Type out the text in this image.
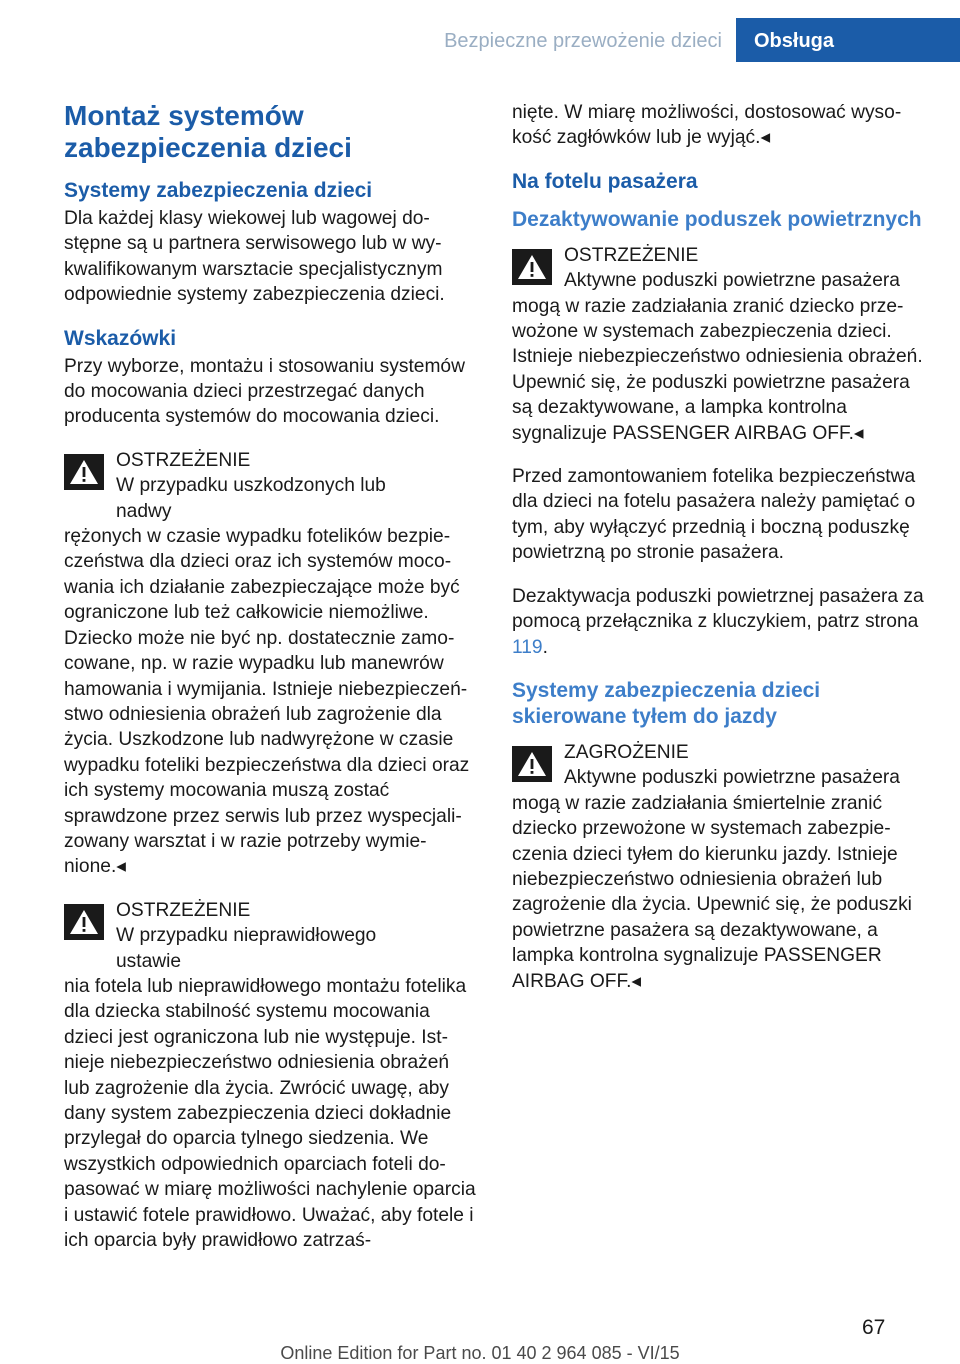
Bezpieczne przewożenie dzieci	Obsługa
Montaż systemów zabezpieczenia dzieci
Systemy zabezpieczenia dzieci

Dla każdej klasy wiekowej lub wagowej dostępne są u partnera serwisowego lub w wykwalifikowanym warsztacie specjalistycznym odpowiednie systemy zabezpieczenia dzieci.

Wskazówki

Przy wyborze, montażu i stosowaniu systemów do mocowania dzieci przestrzegać danych producenta systemów do mocowania dzieci.

OSTRZEŻENIE
W przypadku uszkodzonych lub nadwy
rężonych w czasie wypadku fotelików bezpieczeństwa dla dzieci oraz ich systemów mocowania ich działanie zabezpieczające może być ograniczone lub też całkowicie niemożliwe. Dziecko może nie być np. dostatecznie zamocowane, np. w razie wypadku lub manewrów hamowania i wymijania. Istnieje niebezpieczeństwo odniesienia obrażeń lub zagrożenie dla życia. Uszkodzone lub nadwyrężone w czasie wypadku foteliki bezpieczeństwa dla dzieci oraz ich systemy mocowania muszą zostać sprawdzone przez serwis lub przez wyspecjalizowany warsztat i w razie potrzeby wymienione.◂
OSTRZEŻENIE
W przypadku nieprawidłowego ustawie
nia fotela lub nieprawidłowego montażu fotelika dla dziecka stabilność systemu mocowania dzieci jest ograniczona lub nie występuje. Istnieje niebezpieczeństwo odniesienia obrażeń lub zagrożenie dla życia. Zwrócić uwagę, aby dany system zabezpieczenia dzieci dokładnie przylegał do oparcia tylnego siedzenia. We wszystkich odpowiednich oparciach foteli dopasować w miarę możliwości nachylenie oparcia i ustawić fotele prawidłowo. Uważać, aby fotele i ich oparcia były prawidłowo zatrzaś-

nięte. W miarę możliwości, dostosować wysokość zagłówków lub je wyjąć.◂

Na fotelu pasażera
Dezaktywowanie poduszek powietrznych
OSTRZEŻENIE
Aktywne poduszki powietrzne pasażera
mogą w razie zadziałania zranić dziecko przewożone w systemach zabezpieczenia dzieci. Istnieje niebezpieczeństwo odniesienia obrażeń. Upewnić się, że poduszki powietrzne pasażera są dezaktywowane, a lampka kontrolna sygnalizuje PASSENGER AIRBAG OFF.◂

Przed zamontowaniem fotelika bezpieczeństwa dla dzieci na fotelu pasażera należy pamiętać o tym, aby wyłączyć przednią i boczną poduszkę powietrzną po stronie pasażera.

Dezaktywacja poduszki powietrznej pasażera za pomocą przełącznika z kluczykiem, patrz strona 119.

Systemy zabezpieczenia dzieci skierowane tyłem do jazdy
ZAGROŻENIE
Aktywne poduszki powietrzne pasażera
mogą w razie zadziałania śmiertelnie zranić dziecko przewożone w systemach zabezpieczenia dzieci tyłem do kierunku jazdy. Istnieje niebezpieczeństwo odniesienia obrażeń lub zagrożenie dla życia. Upewnić się, że poduszki powietrzne pasażera są dezaktywowane, a lampka kontrolna sygnalizuje PASSENGER AIRBAG OFF.◂
67
Online Edition for Part no. 01 40 2 964 085 - VI/15
